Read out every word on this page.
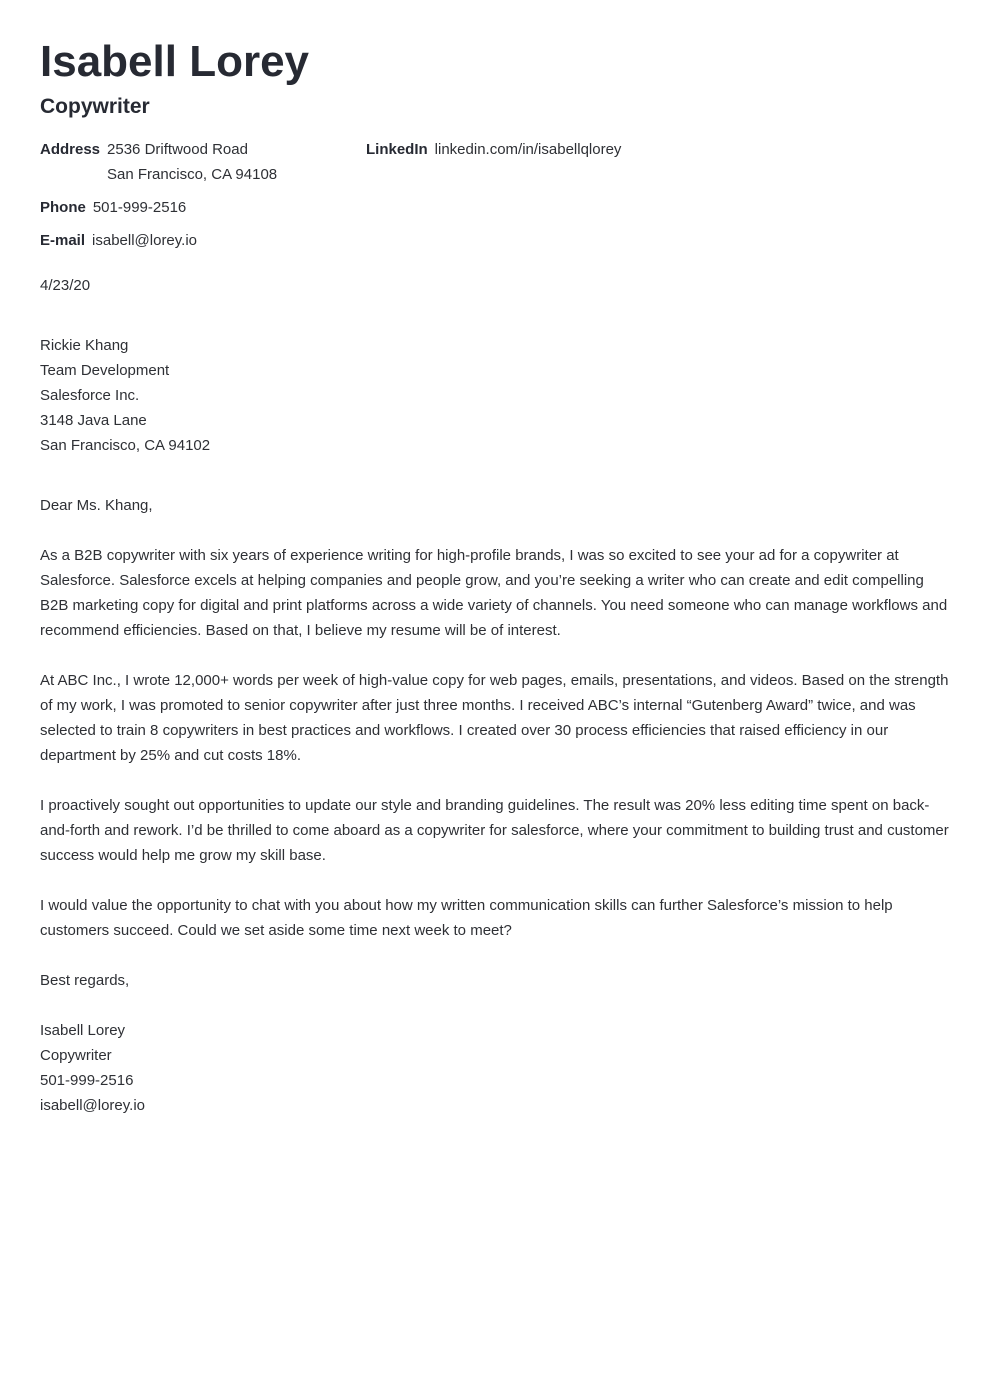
Isabell Lorey
Copywriter
Address 2536 Driftwood Road
San Francisco, CA 94108
LinkedIn linkedin.com/in/isabellqlorey
Phone 501-999-2516
E-mail isabell@lorey.io
4/23/20
Rickie Khang
Team Development
Salesforce Inc.
3148 Java Lane
San Francisco, CA 94102
Dear Ms. Khang,

As a B2B copywriter with six years of experience writing for high-profile brands, I was so excited to see your ad for a copywriter at Salesforce. Salesforce excels at helping companies and people grow, and you’re seeking a writer who can create and edit compelling B2B marketing copy for digital and print platforms across a wide variety of channels. You need someone who can manage workflows and recommend efficiencies. Based on that, I believe my resume will be of interest.

At ABC Inc., I wrote 12,000+ words per week of high-value copy for web pages, emails, presentations, and videos. Based on the strength of my work, I was promoted to senior copywriter after just three months. I received ABC’s internal “Gutenberg Award” twice, and was selected to train 8 copywriters in best practices and workflows. I created over 30 process efficiencies that raised efficiency in our department by 25% and cut costs 18%.

I proactively sought out opportunities to update our style and branding guidelines. The result was 20% less editing time spent on back-and-forth and rework. I’d be thrilled to come aboard as a copywriter for salesforce, where your commitment to building trust and customer success would help me grow my skill base.

I would value the opportunity to chat with you about how my written communication skills can further Salesforce’s mission to help customers succeed. Could we set aside some time next week to meet?

Best regards,
Isabell Lorey
Copywriter
501-999-2516
isabell@lorey.io
